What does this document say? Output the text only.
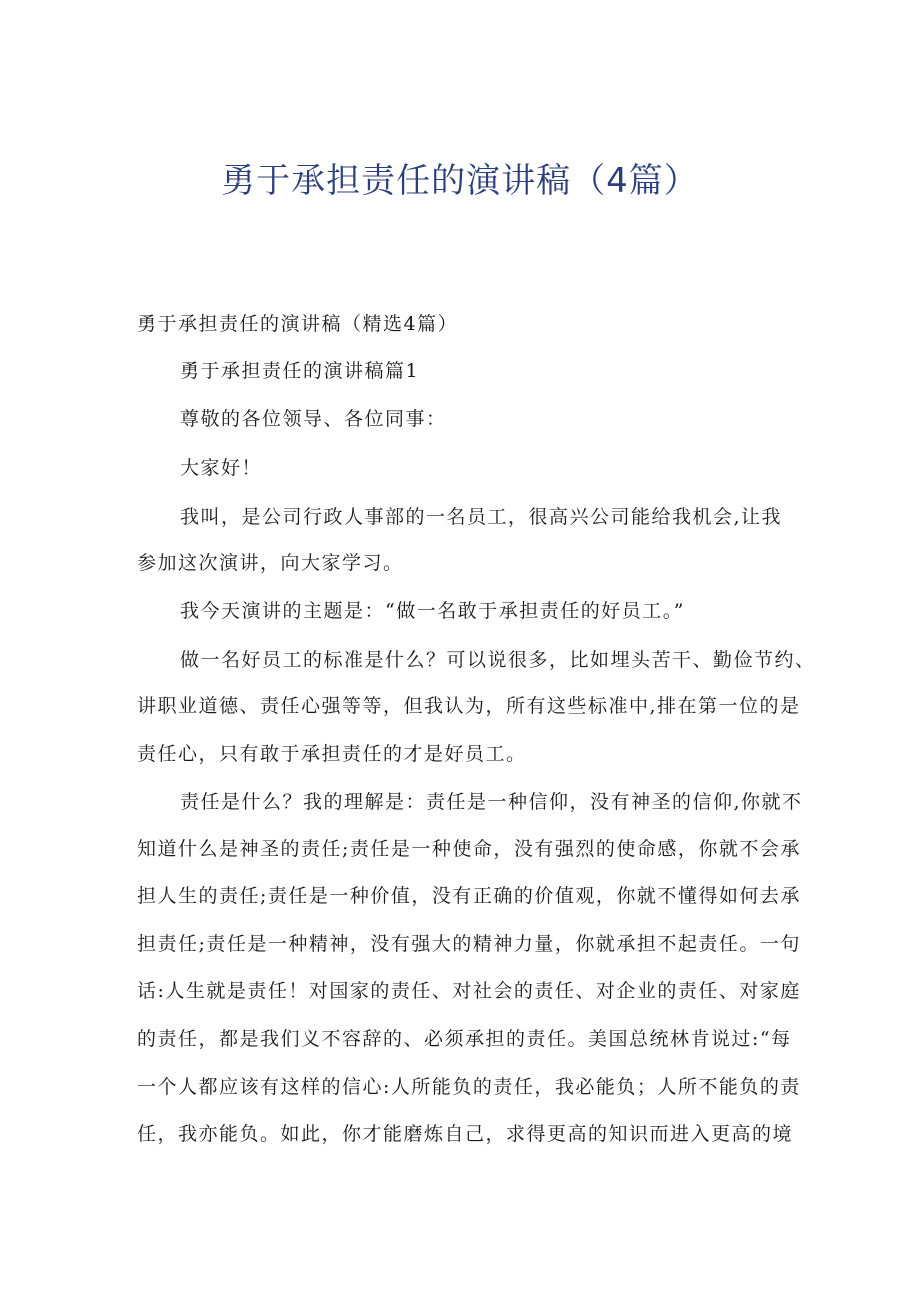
勇于承担责任的演讲稿（4篇）
勇于承担责任的演讲稿（精选4篇）
勇于承担责任的演讲稿篇1
尊敬的各位领导、各位同事：
大家好！
我叫，是公司行政人事部的一名员工，很高兴公司能给我机会,让我
参加这次演讲，向大家学习。
我今天演讲的主题是：“做一名敢于承担责任的好员工。”
做一名好员工的标准是什么？可以说很多，比如埋头苦干、勤俭节约、
讲职业道德、责任心强等等，但我认为，所有这些标准中,排在第一位的是
责任心，只有敢于承担责任的才是好员工。
责任是什么？我的理解是：责任是一种信仰，没有神圣的信仰,你就不
知道什么是神圣的责任;责任是一种使命，没有强烈的使命感，你就不会承
担人生的责任;责任是一种价值，没有正确的价值观，你就不懂得如何去承
担责任;责任是一种精神，没有强大的精神力量，你就承担不起责任。一句
话:人生就是责任！对国家的责任、对社会的责任、对企业的责任、对家庭
的责任，都是我们义不容辞的、必须承担的责任。美国总统林肯说过:“每
一个人都应该有这样的信心:人所能负的责任，我必能负；人所不能负的责
任，我亦能负。如此，你才能磨炼自己，求得更高的知识而进入更高的境
